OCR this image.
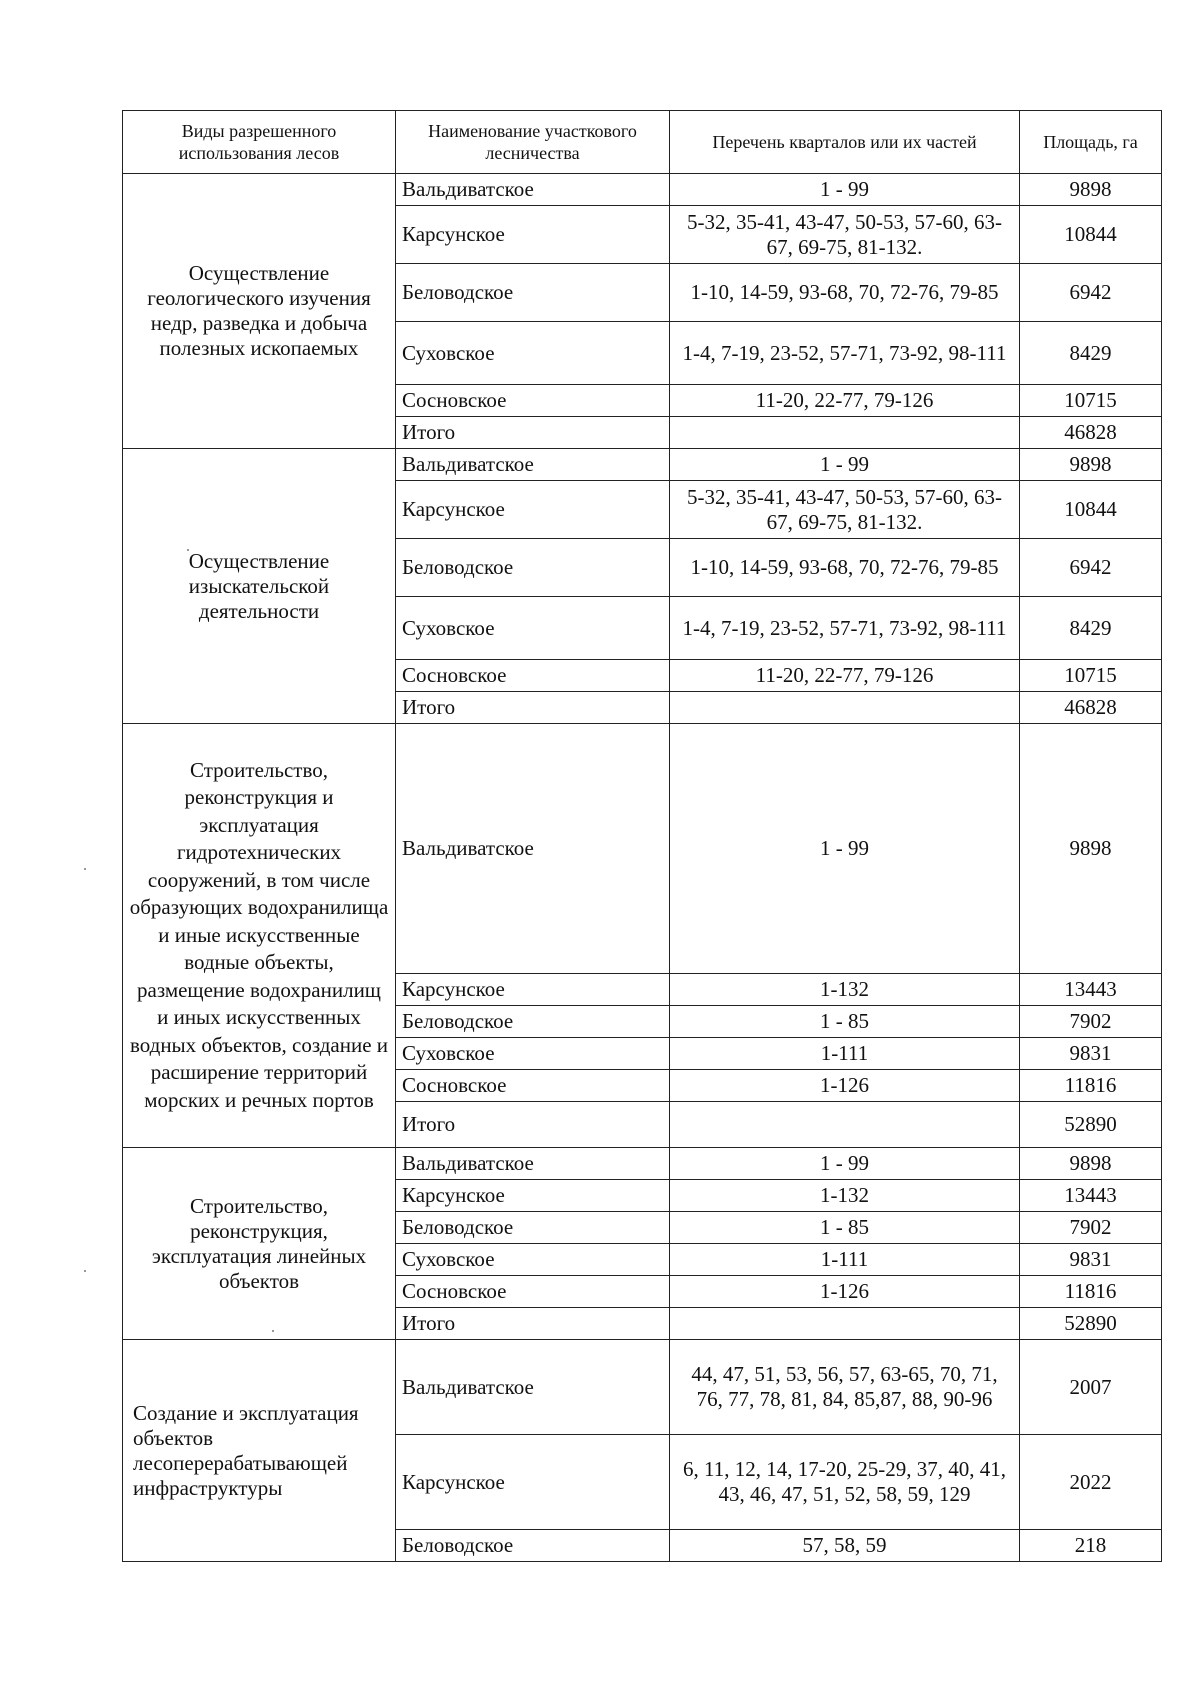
Виды разрешенного использования лесов	Наименование участкового лесничества	Перечень кварталов или их частей	Площадь, га
Осуществление геологического изучения недр, разведка и добыча полезных ископаемых	Вальдиватское	1 - 99	9898
	Карсунское	5-32, 35-41, 43-47, 50-53, 57-60, 63-67, 69-75, 81-132.	10844
	Беловодское	1-10, 14-59, 93-68, 70, 72-76, 79-85	6942
	Суховское	1-4, 7-19, 23-52, 57-71, 73-92, 98-111	8429
	Сосновское	11-20, 22-77, 79-126	10715
	Итого		46828
Осуществление изыскательской деятельности	Вальдиватское	1 - 99	9898
	Карсунское	5-32, 35-41, 43-47, 50-53, 57-60, 63-67, 69-75, 81-132.	10844
	Беловодское	1-10, 14-59, 93-68, 70, 72-76, 79-85	6942
	Суховское	1-4, 7-19, 23-52, 57-71, 73-92, 98-111	8429
	Сосновское	11-20, 22-77, 79-126	10715
	Итого		46828
Строительство, реконструкция и эксплуатация гидротехнических сооружений, в том числе образующих водохранилища и иные искусственные водные объекты, размещение водохранилищ и иных искусственных водных объектов, создание и расширение территорий морских и речных портов	Вальдиватское	1 - 99	9898
	Карсунское	1-132	13443
	Беловодское	1 - 85	7902
	Суховское	1-111	9831
	Сосновское	1-126	11816
	Итого		52890
Строительство, реконструкция, эксплуатация линейных объектов	Вальдиватское	1 - 99	9898
	Карсунское	1-132	13443
	Беловодское	1 - 85	7902
	Суховское	1-111	9831
	Сосновское	1-126	11816
	Итого		52890
Создание и эксплуатация объектов лесоперерабатывающей инфраструктуры	Вальдиватское	44, 47, 51, 53, 56, 57, 63-65, 70, 71, 76, 77, 78, 81, 84, 85,87, 88, 90-96	2007
	Карсунское	6, 11, 12, 14, 17-20, 25-29, 37, 40, 41, 43, 46, 47, 51, 52, 58, 59, 129	2022
	Беловодское	57, 58, 59	218
